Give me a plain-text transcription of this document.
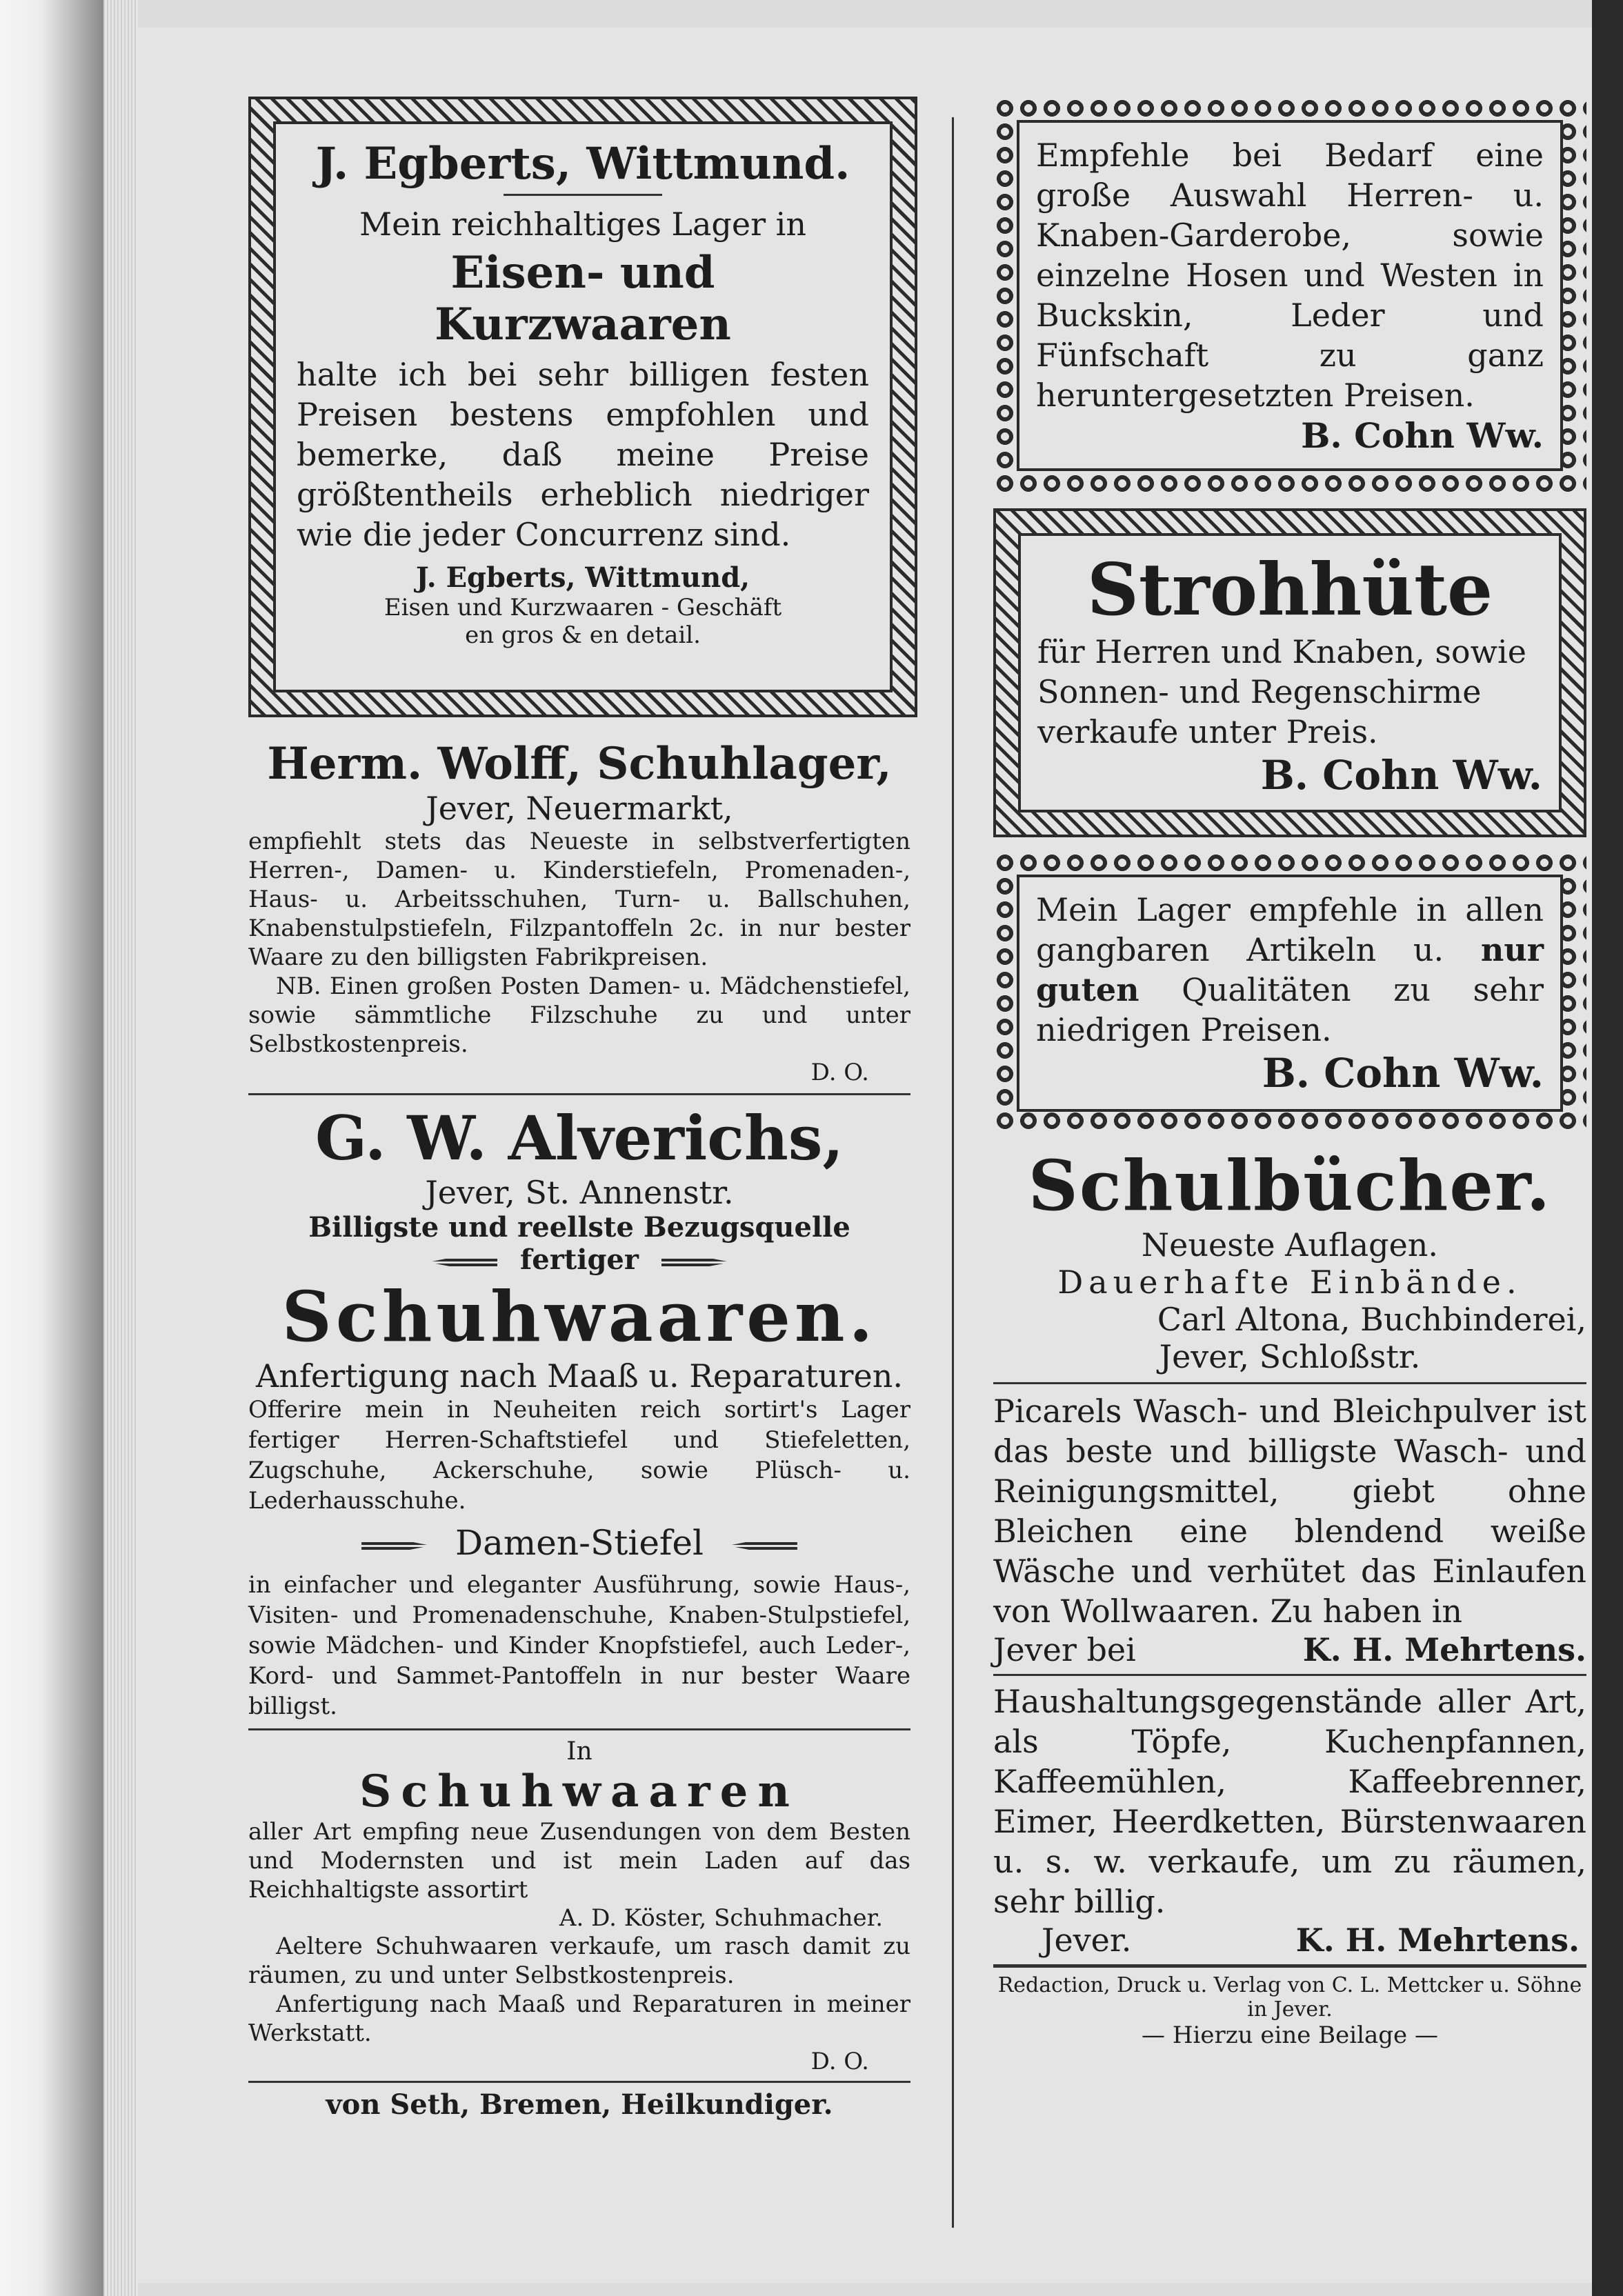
J. Egberts, Wittmund.
Mein reichhaltiges Lager in
Eisen- und Kurzwaaren
halte ich bei sehr billigen festen Preisen bestens empfohlen und bemerke, daß meine Preise größtentheils erheblich niedriger wie die jeder Concurrenz sind.
J. Egberts, Wittmund,
Eisen und Kurzwaaren - Geschäft
en gros & en detail.
Herm. Wolff, Schuhlager,
Jever, Neuermarkt,
empfiehlt stets das Neueste in selbstverfertigten Herren-, Damen- u. Kinderstiefeln, Promenaden-, Haus- u. Arbeitsschuhen, Turn- u. Ballschuhen, Knabenstulpstiefeln, Filzpantoffeln 2c. in nur bester Waare zu den billigsten Fabrikpreisen.
NB. Einen großen Posten Damen- u. Mädchenstiefel, sowie sämmtliche Filzschuhe zu und unter Selbstkostenpreis.
D. O.
G. W. Alverichs,
Jever, St. Annenstr.
Billigste und reellste Bezugsquelle
fertiger
Schuhwaaren.
Anfertigung nach Maaß u. Reparaturen.
Offerire mein in Neuheiten reich sortirt's Lager fertiger Herren-Schaftstiefel und Stiefeletten, Zugschuhe, Ackerschuhe, sowie Plüsch- u. Lederhausschuhe.
Damen-Stiefel
in einfacher und eleganter Ausführung, sowie Haus-, Visiten- und Promenadenschuhe, Knaben-Stulpstiefel, sowie Mädchen- und Kinder Knopfstiefel, auch Leder-, Kord- und Sammet-Pantoffeln in nur bester Waare billigst.
In
Schuhwaaren
aller Art empfing neue Zusendungen von dem Besten und Modernsten und ist mein Laden auf das Reichhaltigste assortirt
A. D. Köster, Schuhmacher.
Aeltere Schuhwaaren verkaufe, um rasch damit zu räumen, zu und unter Selbstkostenpreis.
Anfertigung nach Maaß und Reparaturen in meiner Werkstatt.
D. O.
von Seth, Bremen, Heilkundiger.
Empfehle bei Bedarf eine große Auswahl Herren- u. Knaben-Garderobe, sowie einzelne Hosen und Westen in Buckskin, Leder und Fünfschaft zu ganz heruntergesetzten Preisen.
B. Cohn Ww.
Strohhüte
für Herren und Knaben, sowie Sonnen- und Regenschirme verkaufe unter Preis.
B. Cohn Ww.
Mein Lager empfehle in allen gangbaren Artikeln u. nur guten Qualitäten zu sehr niedrigen Preisen.
B. Cohn Ww.
Schulbücher.
Neueste Auflagen.
Dauerhafte Einbände.
Carl Altona, Buchbinderei,
Jever, Schloßstr.
Picarels Wasch- und Bleichpulver ist das beste und billigste Wasch- und Reinigungsmittel, giebt ohne Bleichen eine blendend weiße Wäsche und verhütet das Einlaufen von Wollwaaren. Zu haben in
Jever bei	K. H. Mehrtens.
Haushaltungsgegenstände aller Art, als Töpfe, Kuchenpfannen, Kaffeemühlen, Kaffeebrenner, Eimer, Heerdketten, Bürstenwaaren u. s. w. verkaufe, um zu räumen, sehr billig.
Jever.	K. H. Mehrtens.
Redaction, Druck u. Verlag von C. L. Mettcker u. Söhne in Jever.
— Hierzu eine Beilage —
